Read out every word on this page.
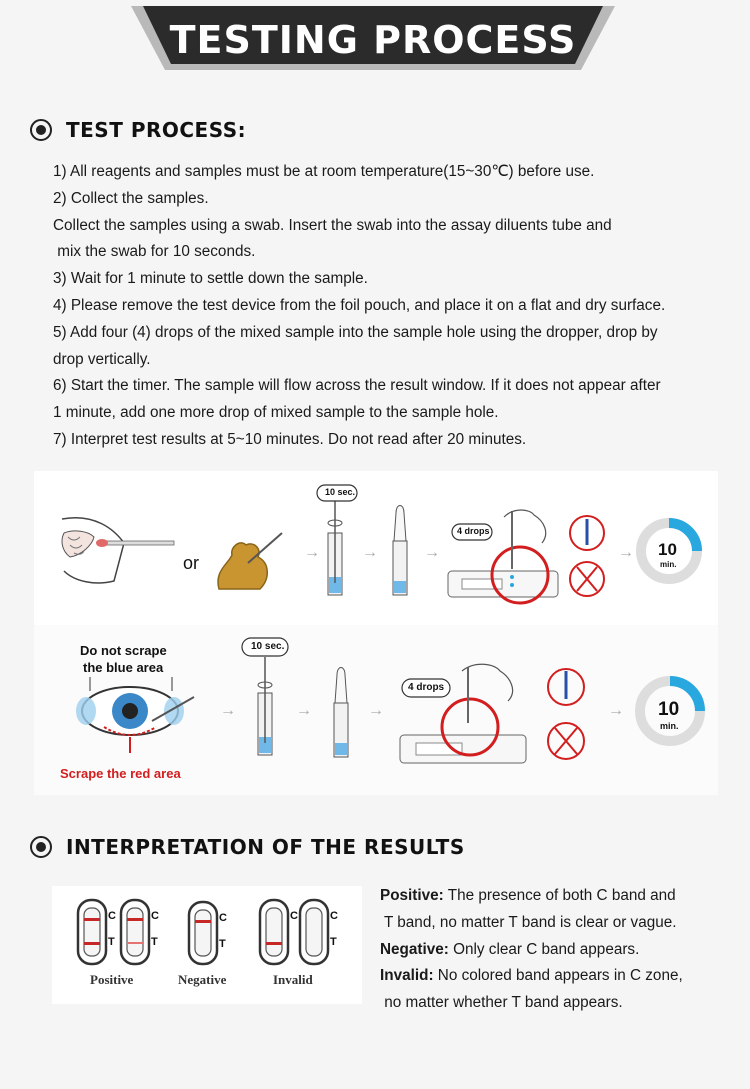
TESTING PROCESS
TEST PROCESS:

1) All reagents and samples must be at room temperature(15~30℃) before use.

2) Collect the samples.

Collect the samples using a swab. Insert the swab into the assay diluents tube and

mix the swab for 10 seconds.

3) Wait for 1 minute to settle down the sample.

4) Please remove the test device from the foil pouch, and place it on a flat and dry surface.

5) Add four (4) drops of the mixed sample into the sample hole using the dropper, drop by

drop vertically.

6) Start the timer. The sample will flow across the result window. If it does not appear after

1 minute, add one more drop of mixed sample to the sample hole.

7) Interpret test results at 5~10 minutes. Do not read after 20 minutes.

→	→	→	→
→	→	→	→
or
10 sec.
4 drops
10
min.
Do not scrape
the blue area
Scrape the red area
10 sec.
4 drops
10
min.
INTERPRETATION OF THE RESULTS
C
T
C
T
C
T
C	C
T
Positive	Negative	Invalid

Positive: The presence of both C band and

T band, no matter T band is clear or vague.

Negative: Only clear C band appears.

Invalid: No colored band appears in C zone,

no matter whether T band appears.
